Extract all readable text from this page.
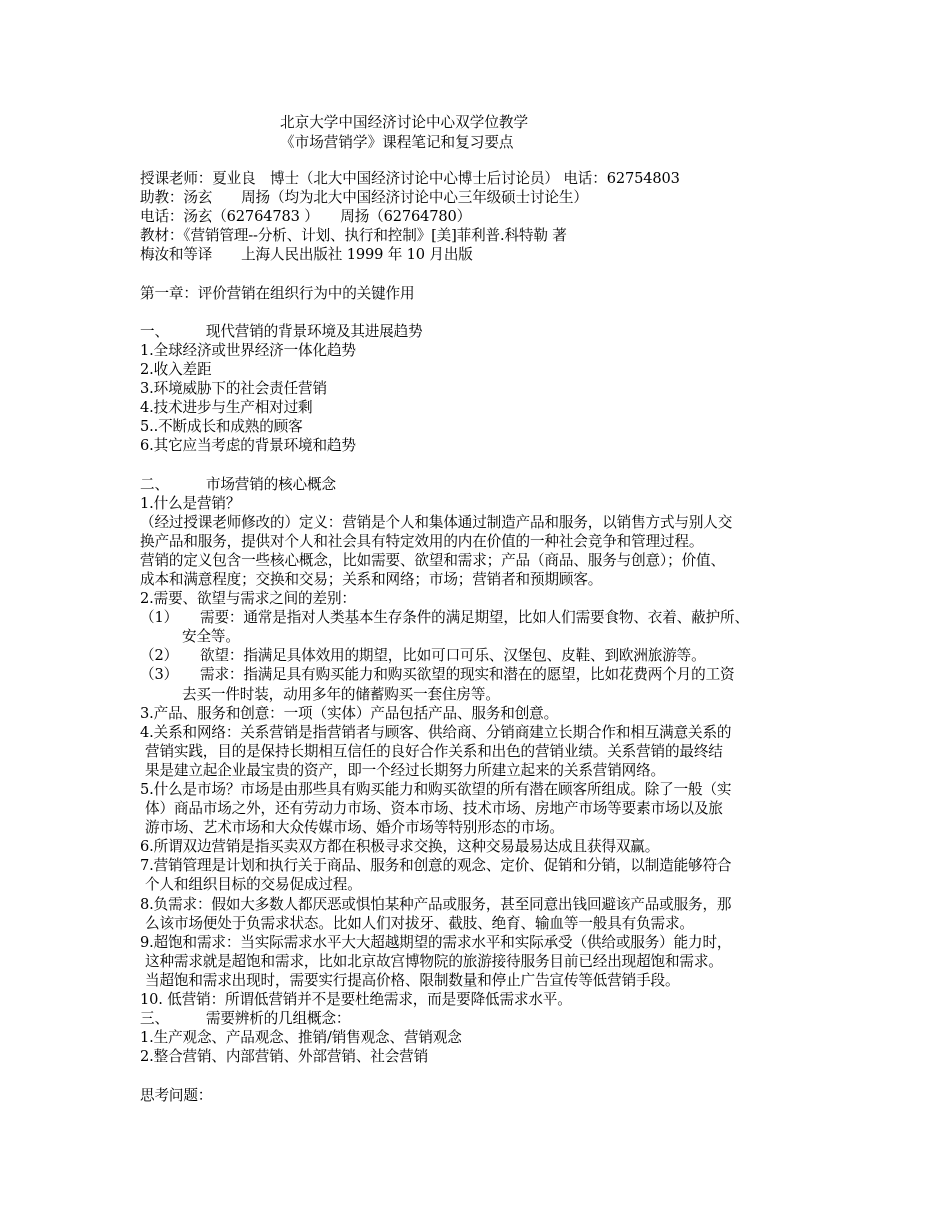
北京大学中国经济讨论中心双学位教学
《市场营销学》课程笔记和复习要点
授课老师：夏业良　博士（北大中国经济讨论中心博士后讨论员） 电话：62754803
助教：汤玄　　周扬（均为北大中国经济讨论中心三年级硕士讨论生）
电话：汤玄（62764783 ）　　周扬（62764780）
教材：《营销管理--分析、计划、执行和控制》[美]菲利普.科特勒 著
梅汝和等译　　上海人民出版社 1999 年 10 月出版
第一章：评价营销在组织行为中的关键作用
一、	现代营销的背景环境及其进展趋势
1.全球经济或世界经济一体化趋势
2.收入差距
3.环境威胁下的社会责任营销
4.技术进步与生产相对过剩
5..不断成长和成熟的顾客
6.其它应当考虑的背景环境和趋势
二、	市场营销的核心概念
1.什么是营销？
（经过授课老师修改的）定义：营销是个人和集体通过制造产品和服务，以销售方式与别人交
换产品和服务，提供对个人和社会具有特定效用的内在价值的一种社会竞争和管理过程。
营销的定义包含一些核心概念，比如需要、欲望和需求；产品（商品、服务与创意）；价值、
成本和满意程度；交换和交易；关系和网络；市场；营销者和预期顾客。
2.需要、欲望与需求之间的差别：
（1） 需要：通常是指对人类基本生存条件的满足期望，比如人们需要食物、衣着、蔽护所、
安全等。
（2） 欲望：指满足具体效用的期望，比如可口可乐、汉堡包、皮鞋、到欧洲旅游等。
（3） 需求：指满足具有购买能力和购买欲望的现实和潜在的愿望，比如花费两个月的工资
去买一件时装，动用多年的储蓄购买一套住房等。
3.产品、服务和创意：一项（实体）产品包括产品、服务和创意。
4.关系和网络：关系营销是指营销者与顾客、供给商、分销商建立长期合作和相互满意关系的
营销实践，目的是保持长期相互信任的良好合作关系和出色的营销业绩。关系营销的最终结
果是建立起企业最宝贵的资产，即一个经过长期努力所建立起来的关系营销网络。
5.什么是市场？市场是由那些具有购买能力和购买欲望的所有潜在顾客所组成。除了一般（实
体）商品市场之外，还有劳动力市场、资本市场、技术市场、房地产市场等要素市场以及旅
游市场、艺术市场和大众传媒市场、婚介市场等特别形态的市场。
6.所谓双边营销是指买卖双方都在积极寻求交换，这种交易最易达成且获得双赢。
7.营销管理是计划和执行关于商品、服务和创意的观念、定价、促销和分销，以制造能够符合
个人和组织目标的交易促成过程。
8.负需求：假如大多数人都厌恶或惧怕某种产品或服务，甚至同意出钱回避该产品或服务，那
么该市场便处于负需求状态。比如人们对拔牙、截肢、绝育、输血等一般具有负需求。
9.超饱和需求：当实际需求水平大大超越期望的需求水平和实际承受（供给或服务）能力时，
这种需求就是超饱和需求，比如北京故宫博物院的旅游接待服务目前已经出现超饱和需求。
当超饱和需求出现时，需要实行提高价格、限制数量和停止广告宣传等低营销手段。
10. 低营销：所谓低营销并不是要杜绝需求，而是要降低需求水平。
三、	需要辨析的几组概念：
1.生产观念、产品观念、推销/销售观念、营销观念
2.整合营销、内部营销、外部营销、社会营销
思考问题：
